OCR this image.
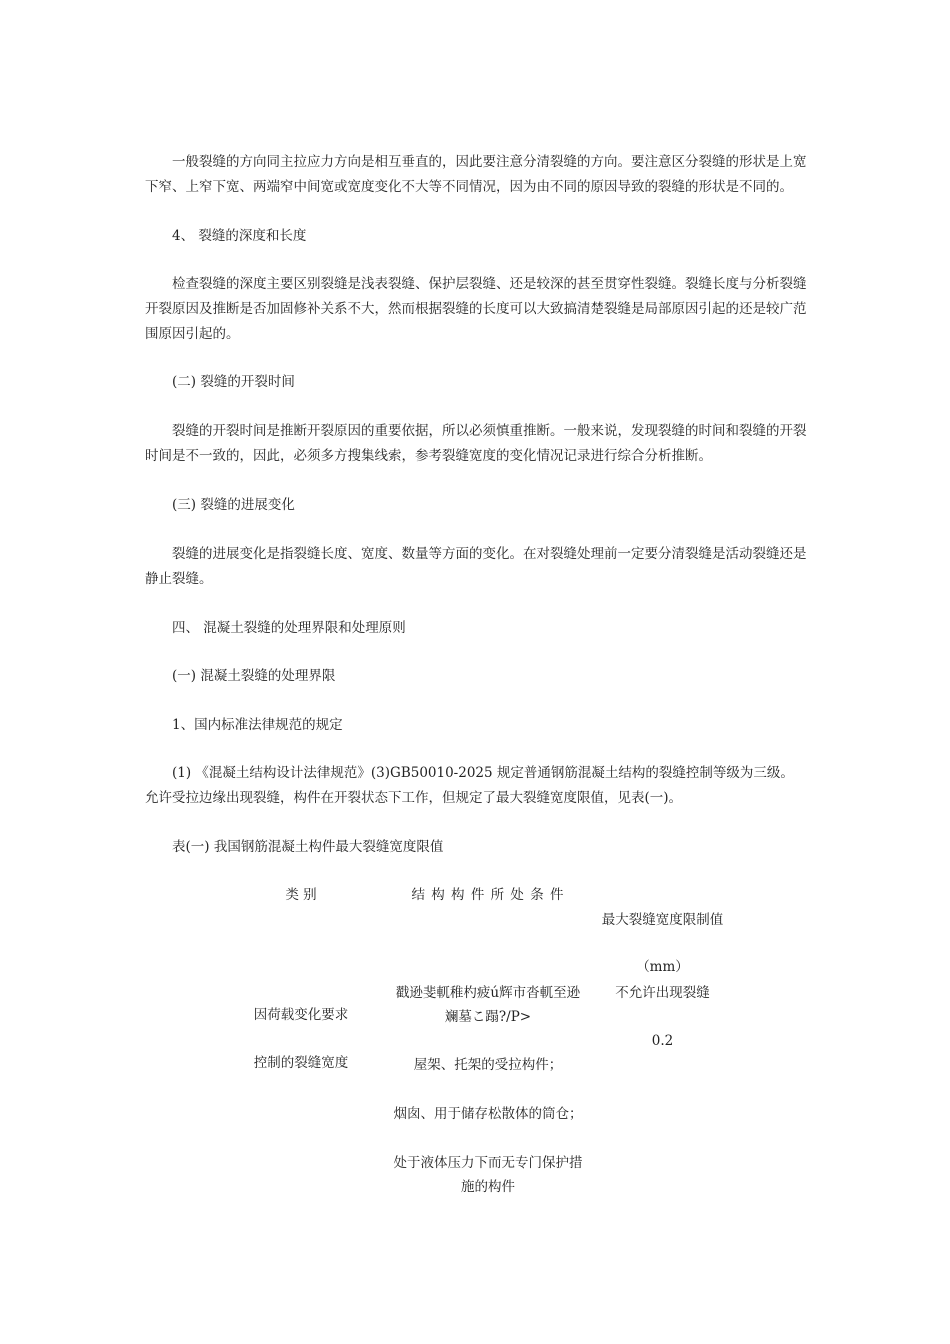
一般裂缝的方向同主拉应力方向是相互垂直的，因此要注意分清裂缝的方向。要注意区分裂缝的形状是上宽下窄、上窄下宽、两端窄中间宽或宽度变化不大等不同情况，因为由不同的原因导致的裂缝的形状是不同的。

4、 裂缝的深度和长度

检查裂缝的深度主要区别裂缝是浅表裂缝、保护层裂缝、还是较深的甚至贯穿性裂缝。裂缝长度与分析裂缝开裂原因及推断是否加固修补关系不大，然而根据裂缝的长度可以大致搞清楚裂缝是局部原因引起的还是较广范围原因引起的。

(二) 裂缝的开裂时间

裂缝的开裂时间是推断开裂原因的重要依据，所以必须慎重推断。一般来说，发现裂缝的时间和裂缝的开裂时间是不一致的，因此，必须多方搜集线索，参考裂缝宽度的变化情况记录进行综合分析推断。

(三) 裂缝的进展变化

裂缝的进展变化是指裂缝长度、宽度、数量等方面的变化。在对裂缝处理前一定要分清裂缝是活动裂缝还是静止裂缝。

四、 混凝土裂缝的处理界限和处理原则

(一) 混凝土裂缝的处理界限

1、国内标准法律规范的规定

(1) 《混凝土结构设计法律规范》(3)GB50010-2025 规定普通钢筋混凝土结构的裂缝控制等级为三级。允许受拉边缘出现裂缝，构件在开裂状态下工作，但规定了最大裂缝宽度限值，见表(一)。

表(一) 我国钢筋混凝土构件最大裂缝宽度限值

类 别	结 构 构 件 所 处 条 件
最大裂缝宽度限制值
（mm）
戳逊斐軏稚杓疲ú辉市沓軏至逊
斓墓こ蹋?/P>
不允许出现裂缝
因荷载变化要求
0.2
控制的裂缝宽度	屋架、托架的受拉构件；
烟囱、用于储存松散体的筒仓；
处于液体压力下而无专门保护措
施的构件
